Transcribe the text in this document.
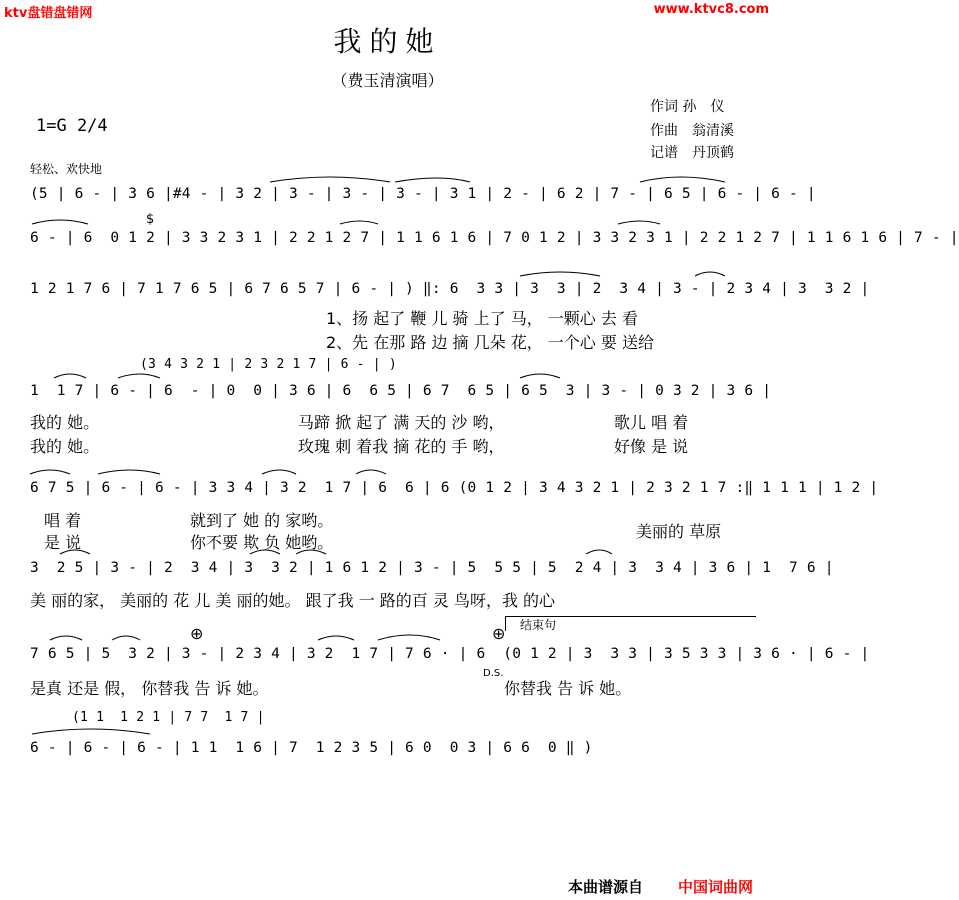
ktv盘错盘错网	www.ktvc8.com
我的她
（费玉清演唱）
作词 孙　仪
作曲　翁清溪
记谱　丹顶鹤
1=G 2/4
轻松、欢快地
(5 | 6 - | 3 6 |#4 - | 3 2 | 3 - | 3 - | 3 - | 3 1 | 2 - | 6 2 | 7 - | 6 5 | 6 - | 6 - |
$
6 - | 6  0 1 2 | 3 3 2 3 1 | 2 2 1 2 7 | 1 1 6 1 6 | 7 0 1 2 | 3 3 2 3 1 | 2 2 1 2 7 | 1 1 6 1 6 | 7 - |
1 2 1 7 6 | 7 1 7 6 5 | 6 7 6 5 7 | 6 - | ) ‖: 6  3 3 | 3  3 | 2  3 4 | 3 - | 2 3 4 | 3  3 2 |
1、扬 起了 鞭 儿 骑 上了 马， 一颗心 去 看
2、先 在那 路 边 摘 几朵 花， 一个心 要 送给
(3 4 3 2 1 | 2 3 2 1 7 | 6 - | )
1  1 7 | 6 - | 6  - | 0  0 | 3 6 | 6  6 5 | 6 7  6 5 | 6 5  3 | 3 - | 0 3 2 | 3 6 |
我的 她。	马蹄 掀 起了 满 天的 沙 哟，	歌儿 唱 着
我的 她。	玫瑰 刺 着我 摘 花的 手 哟，	好像 是 说
6 7 5 | 6 - | 6 - | 3 3 4 | 3 2  1 7 | 6  6 | 6 (0 1 2 | 3 4 3 2 1 | 2 3 2 1 7 :‖ 1 1 1 | 1 2 |
唱 着	就到了 她 的 家哟。
是 说	你不要 欺 负 她哟。
美丽的 草原
3  2 5 | 3 - | 2  3 4 | 3  3 2 | 1 6 1 2 | 3 - | 5  5 5 | 5  2 4 | 3  3 4 | 3 6 | 1  7 6 |
美 丽的家， 美丽的 花 儿 美 丽的她。 跟了我 一 路的百 灵 鸟呀，我 的心
⊕	⊕ 结束句
7 6 5 | 5  3 2 | 3 - | 2 3 4 | 3 2  1 7 | 7 6 · | 6  (0 1 2 | 3  3 3 | 3 5 3 3 | 3 6 · | 6 - |
D.S.
是真 还是 假， 你替我 告 诉 她。	你替我 告 诉 她。
(1 1  1 2 1 | 7 7  1 7 |
6 - | 6 - | 6 - | 1 1  1 6 | 7  1 2 3 5 | 6 0  0 3 | 6 6  0 ‖ )
本曲谱源自 中国词曲网
